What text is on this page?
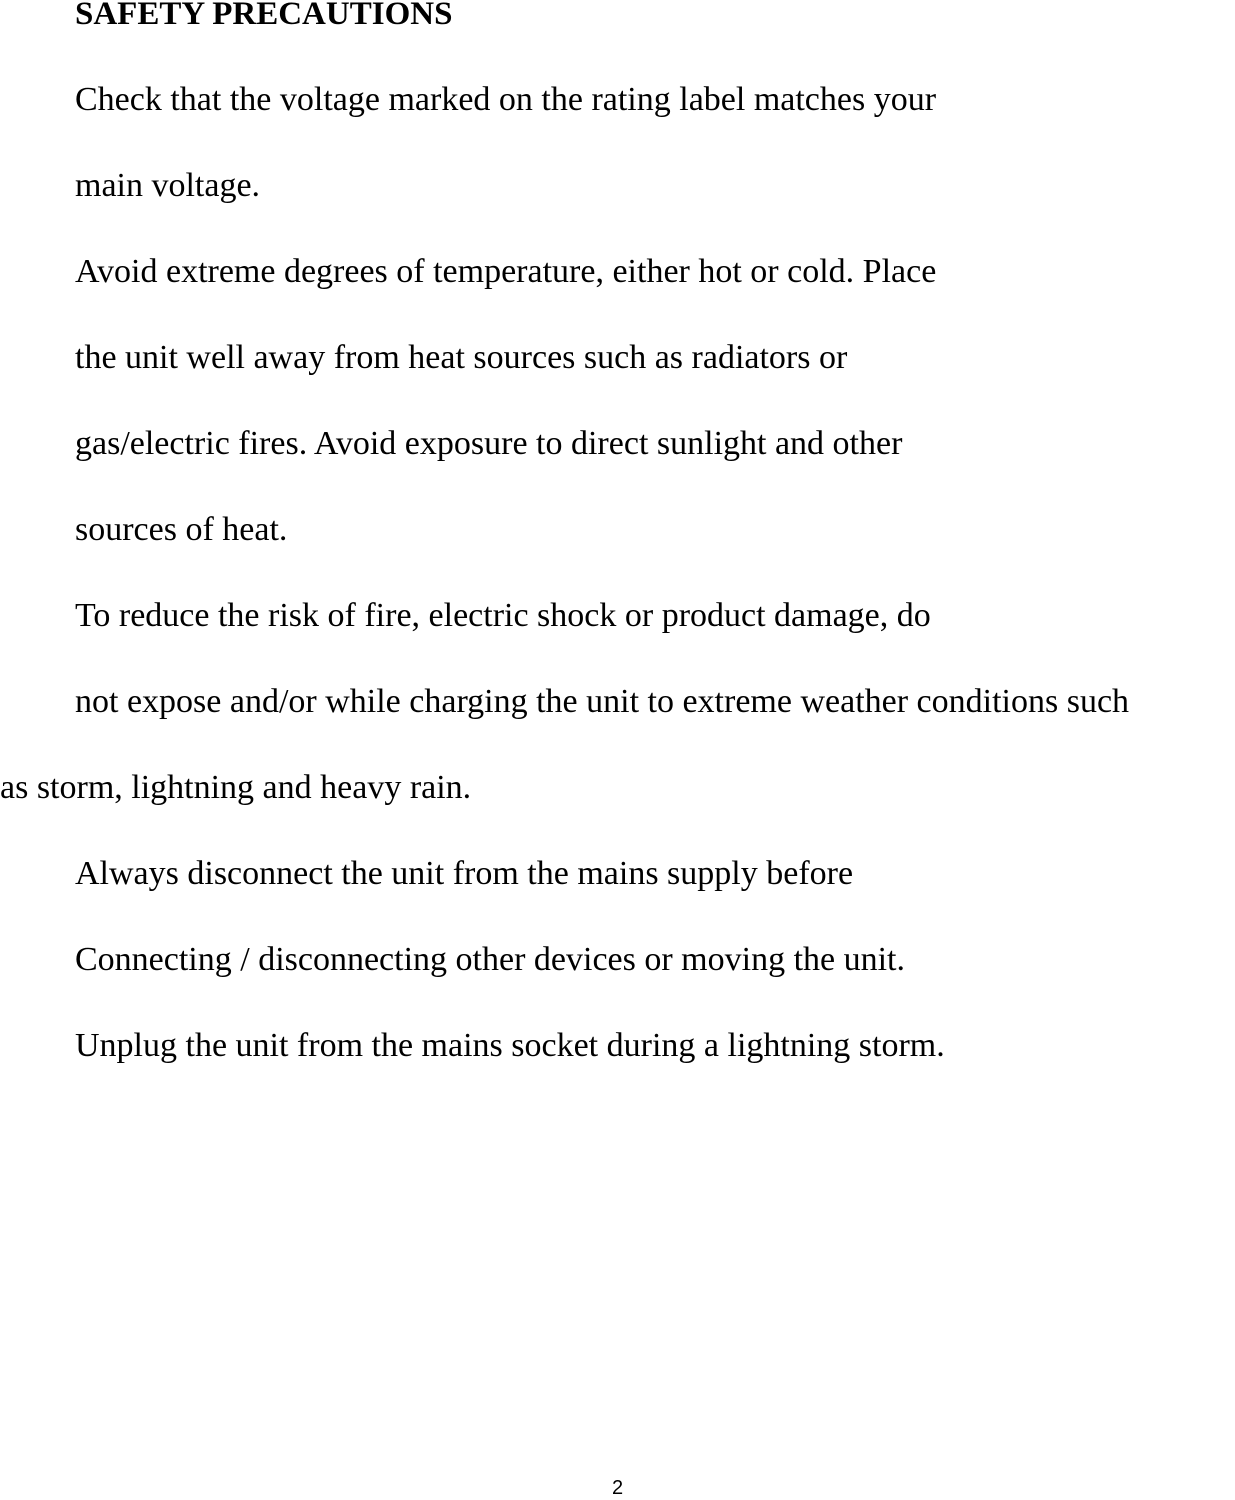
SAFETY PRECAUTIONS
Check that the voltage marked on the rating label matches your
main voltage.
Avoid extreme degrees of temperature, either hot or cold. Place
the unit well away from heat sources such as radiators or
gas/electric fires. Avoid exposure to direct sunlight and other
sources of heat.
To reduce the risk of fire, electric shock or product damage, do
not expose and/or while charging the unit to extreme weather conditions such
as storm, lightning and heavy rain.
Always disconnect the unit from the mains supply before
Connecting / disconnecting other devices or moving the unit.
Unplug the unit from the mains socket during a lightning storm.
2
